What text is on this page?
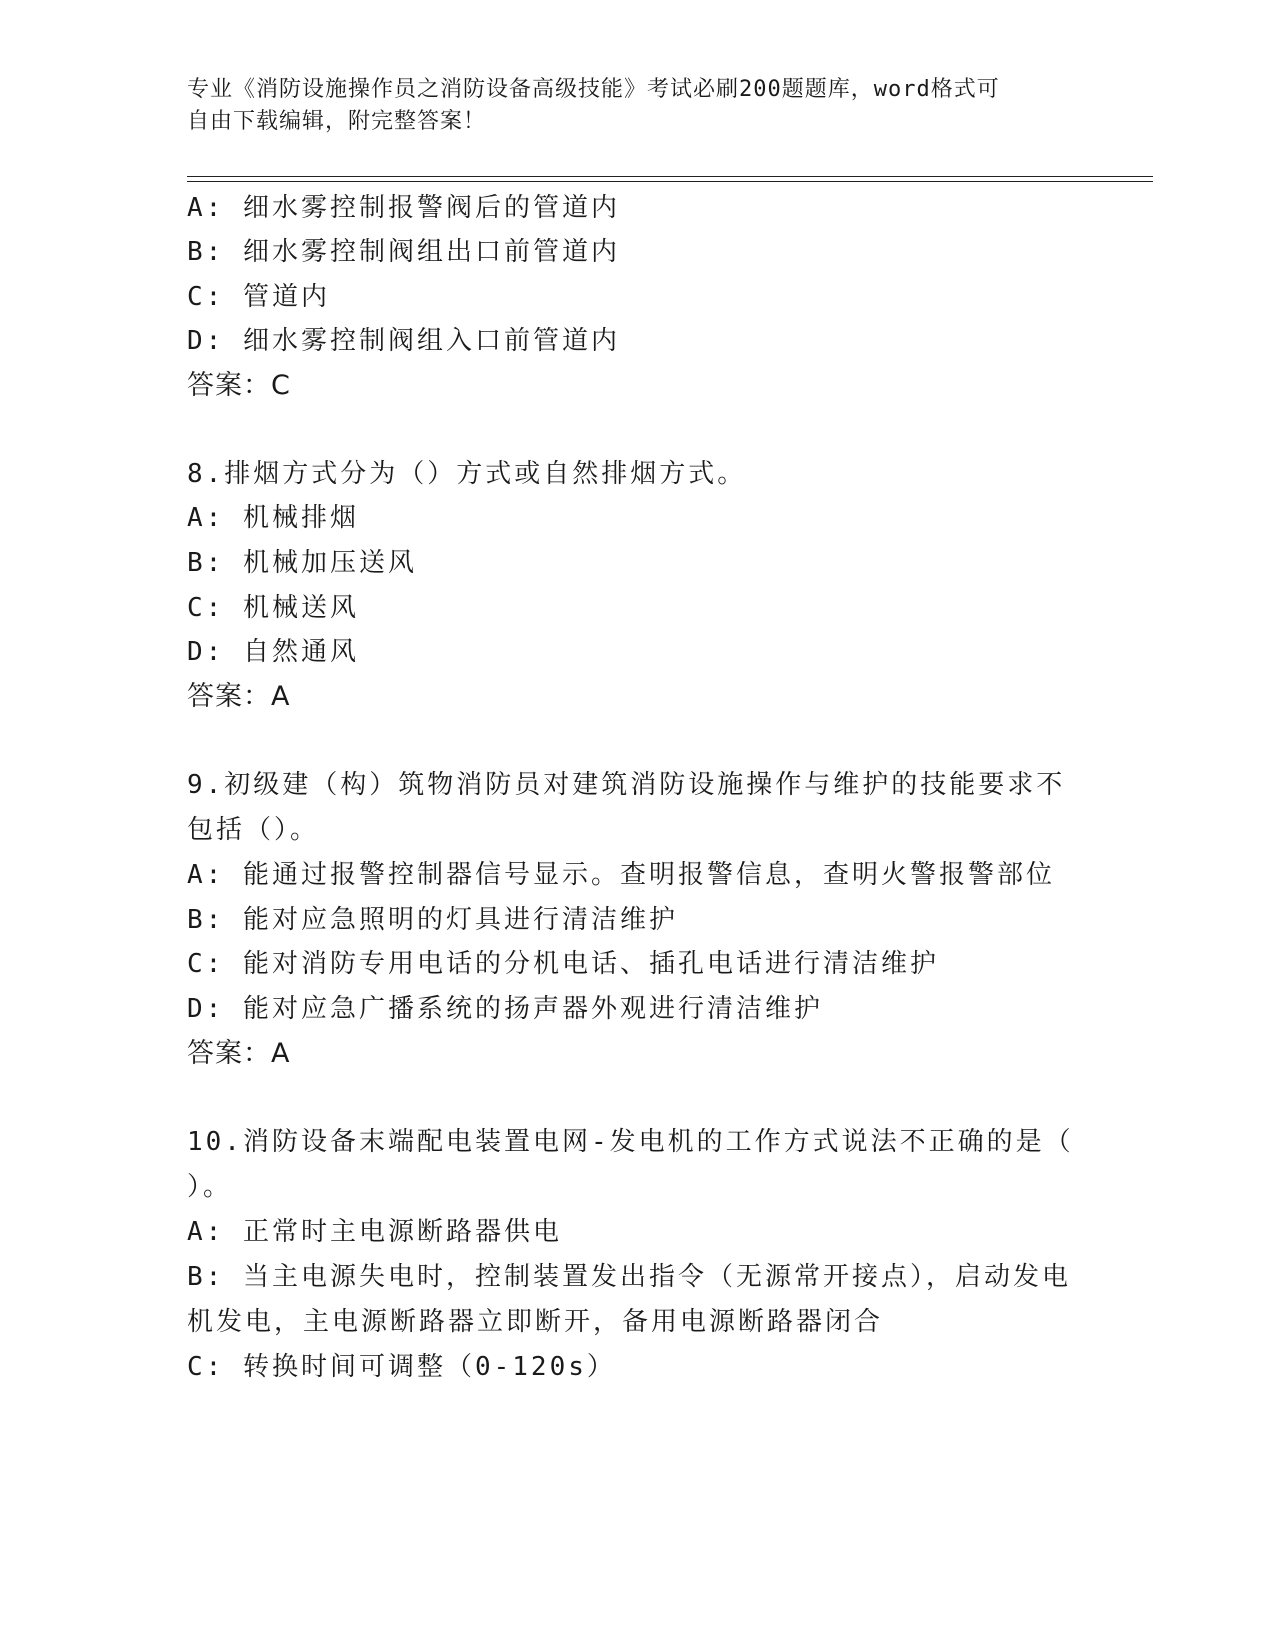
专业《消防设施操作员之消防设备高级技能》考试必刷200题题库，word格式可

自由下载编辑，附完整答案！

A: 细水雾控制报警阀后的管道内
B: 细水雾控制阀组出口前管道内
C: 管道内
D: 细水雾控制阀组入口前管道内
答案：C
8.排烟方式分为（）方式或自然排烟方式。
A: 机械排烟
B: 机械加压送风
C: 机械送风
D: 自然通风
答案：A
9.初级建（构）筑物消防员对建筑消防设施操作与维护的技能要求不
包括（）。
A: 能通过报警控制器信号显示。查明报警信息，查明火警报警部位
B: 能对应急照明的灯具进行清洁维护
C: 能对消防专用电话的分机电话、插孔电话进行清洁维护
D: 能对应急广播系统的扬声器外观进行清洁维护
答案：A
10.消防设备末端配电装置电网-发电机的工作方式说法不正确的是（
）。
A: 正常时主电源断路器供电
B: 当主电源失电时，控制装置发出指令（无源常开接点），启动发电
机发电，主电源断路器立即断开，备用电源断路器闭合
C: 转换时间可调整（0-120s）
